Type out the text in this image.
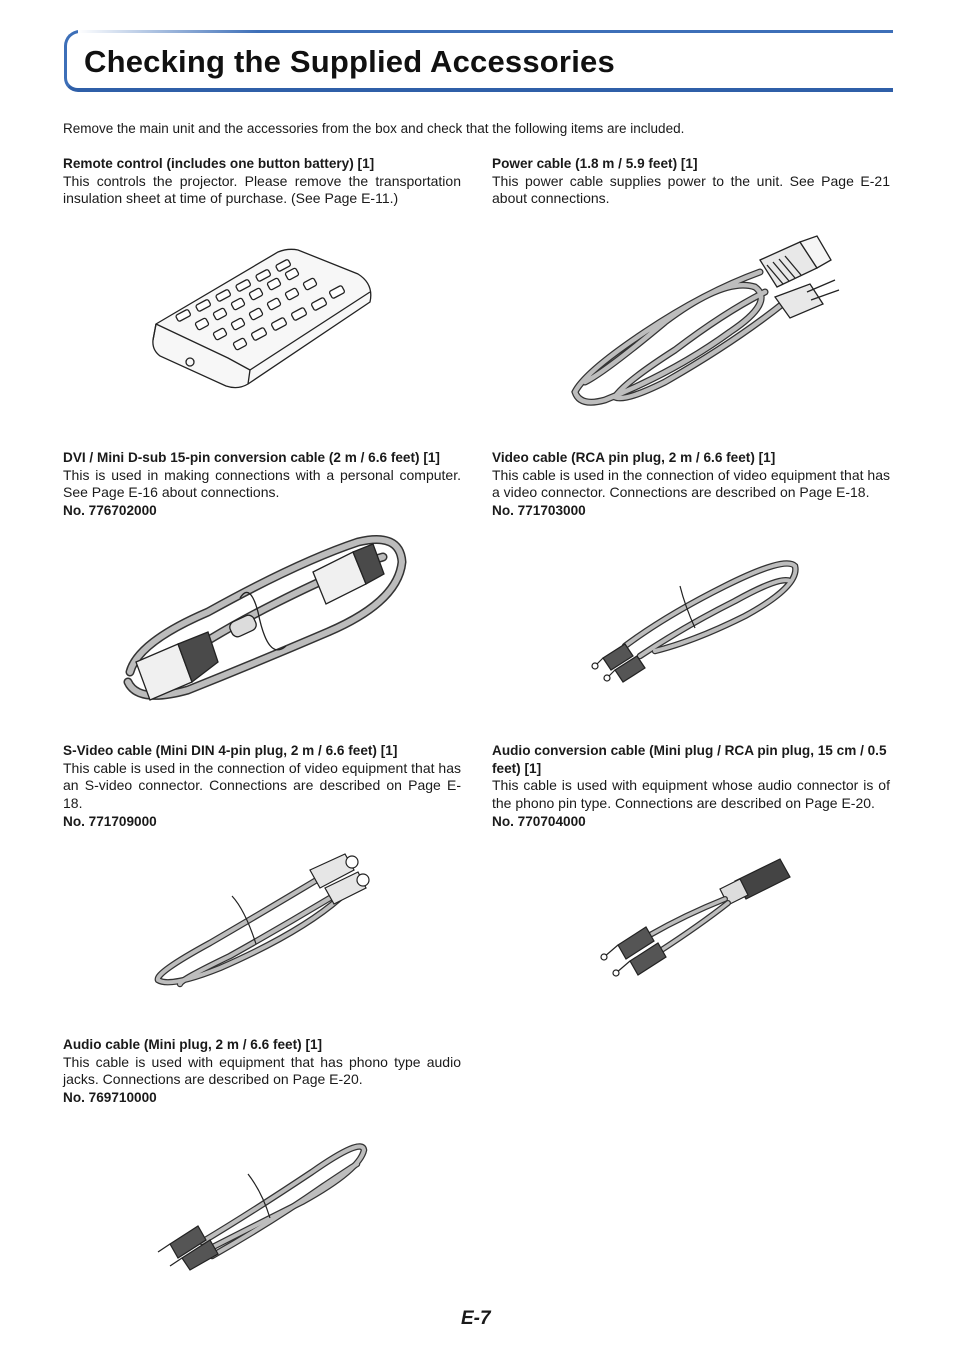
Checking the Supplied Accessories

Remove the main unit and the accessories from the box and check that the following items are included.

Remote control (includes one button battery) [1]
This controls the projector. Please remove the transportation insulation sheet at time of purchase. (See Page E-11.)
Power cable (1.8 m / 5.9 feet) [1]
This power cable supplies power to the unit. See Page E-21 about connections.
DVI / Mini D-sub 15-pin conversion cable (2 m / 6.6 feet) [1]
This is used in making connections with a personal computer. See Page E-16 about connections.
No. 776702000
Video cable (RCA pin plug, 2 m / 6.6 feet) [1]
This cable is used in the connection of video equipment that has a video connector. Connections are described on Page E-18.
No. 771703000
S-Video cable (Mini DIN 4-pin plug, 2 m / 6.6 feet) [1]
This cable is used in the connection of video equipment that has an S-video connector. Connections are described on Page E-18.
No. 771709000
Audio conversion cable (Mini plug / RCA pin plug, 15 cm / 0.5 feet) [1]
This cable is used with equipment whose audio connector is of the phono pin type. Connections are described on Page E-20.
No. 770704000
Audio cable (Mini plug, 2 m / 6.6 feet) [1]
This cable is used with equipment that has phono type audio jacks. Connections are described on Page E-20.
No. 769710000
E-7
